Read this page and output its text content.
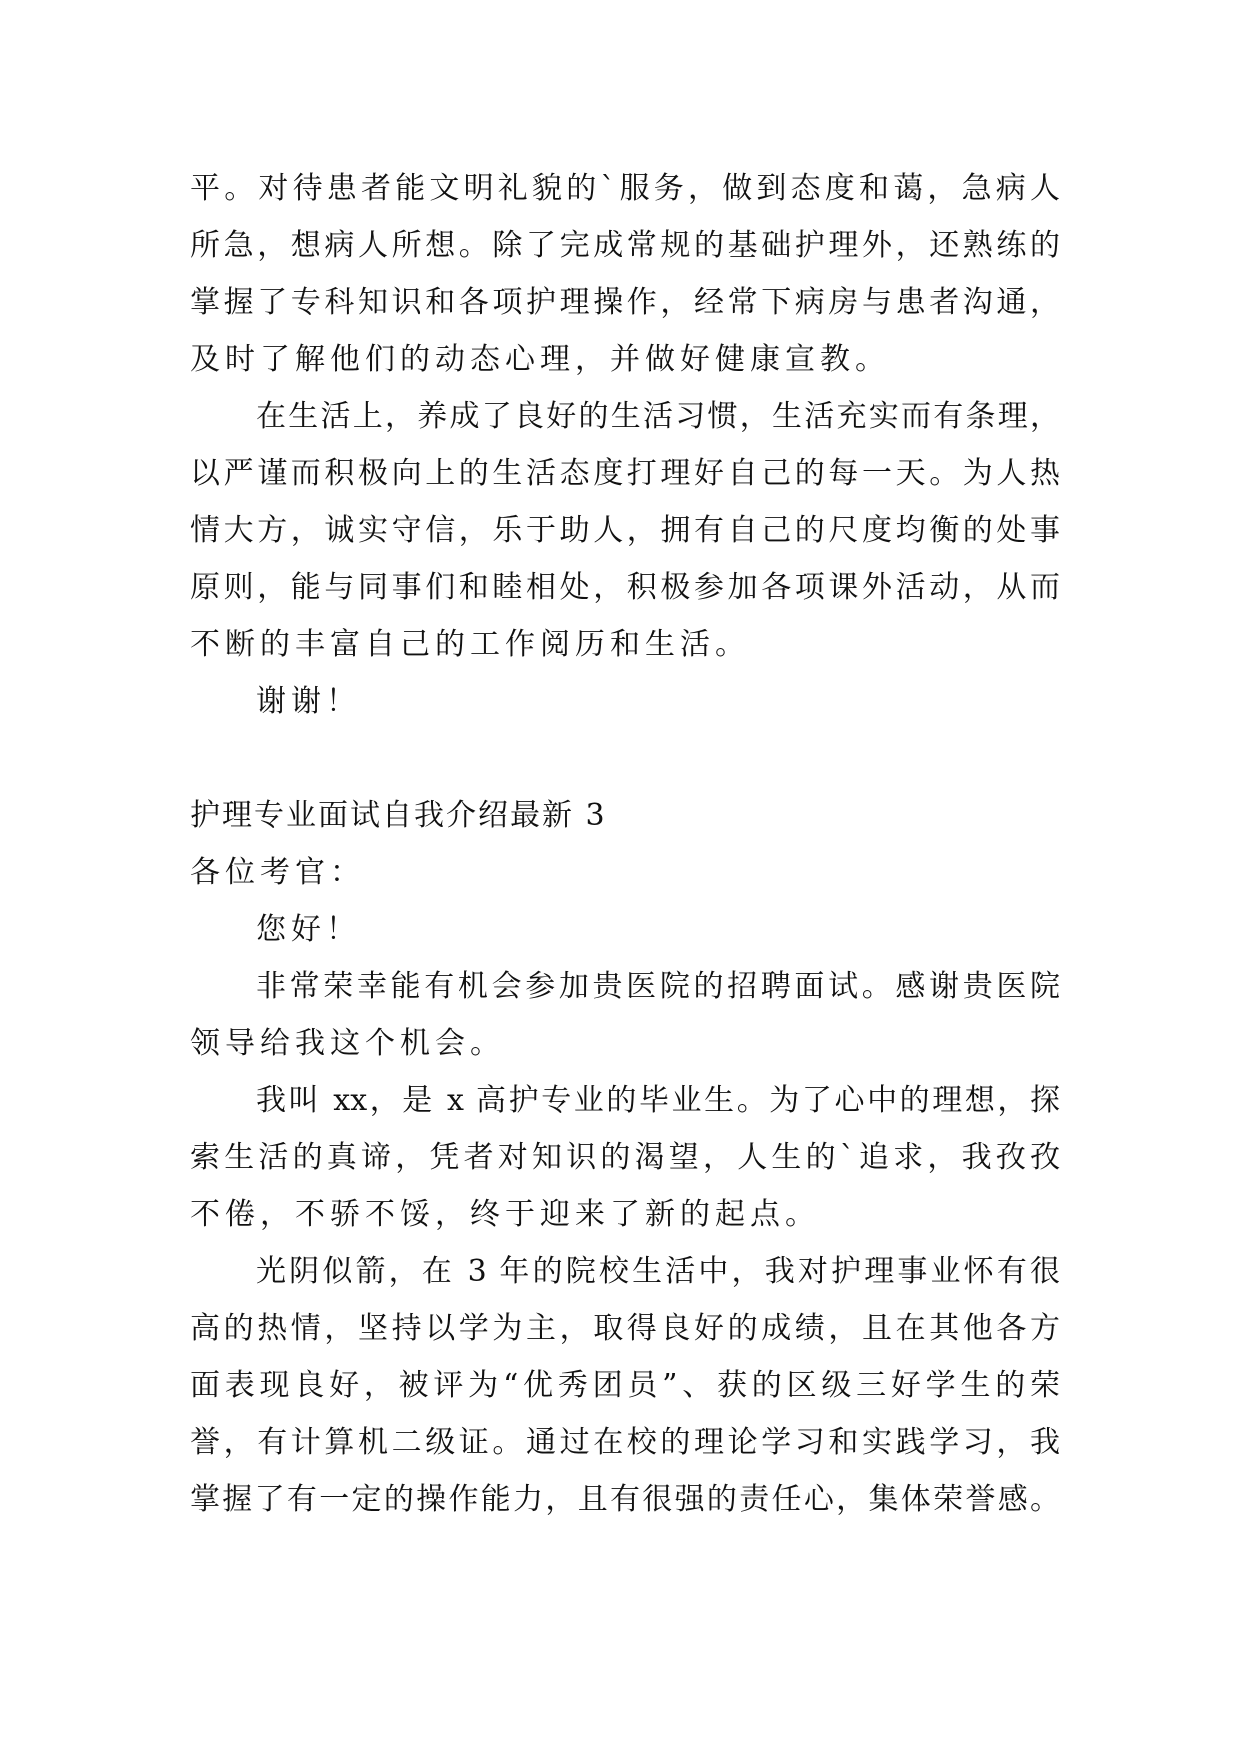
平。对待患者能文明礼貌的`服务，做到态度和蔼，急病人
所急，想病人所想。除了完成常规的基础护理外，还熟练的
掌握了专科知识和各项护理操作，经常下病房与患者沟通，
及时了解他们的动态心理，并做好健康宣教。
在生活上，养成了良好的生活习惯，生活充实而有条理，
以严谨而积极向上的生活态度打理好自己的每一天。为人热
情大方，诚实守信，乐于助人，拥有自己的尺度均衡的处事
原则，能与同事们和睦相处，积极参加各项课外活动，从而
不断的丰富自己的工作阅历和生活。
谢谢！
护理专业面试自我介绍最新 3
各位考官：
您好！
非常荣幸能有机会参加贵医院的招聘面试。感谢贵医院
领导给我这个机会。
我叫 xx，是 x 高护专业的毕业生。为了心中的理想，探
索生活的真谛，凭者对知识的渴望，人生的`追求，我孜孜
不倦，不骄不馁，终于迎来了新的起点。
光阴似箭，在 3 年的院校生活中，我对护理事业怀有很
高的热情，坚持以学为主，取得良好的成绩，且在其他各方
面表现良好，被评为“优秀团员”、获的区级三好学生的荣
誉，有计算机二级证。通过在校的理论学习和实践学习，我
掌握了有一定的操作能力，且有很强的责任心，集体荣誉感。
